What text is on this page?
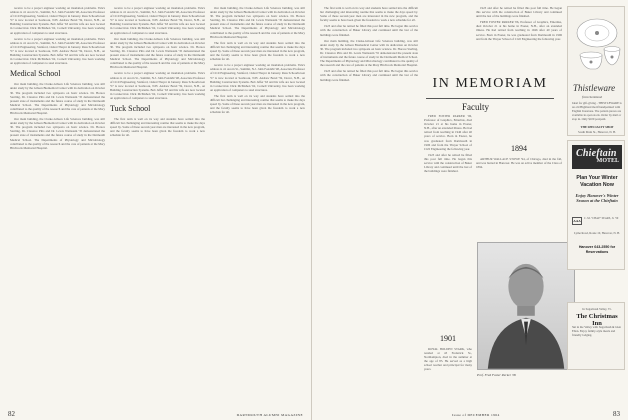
receive to be a project engineer working on insulation problems. Yale's address is 41 Acorn St., Summit, N.J. John Fondahl '48, Associate Professor of Civil Engineering, Stanford, visited Thayer in January. Russ Schoorhoven '57 is now located at Seabrook, N.H. Andrew Bond '59, Dover, N.H., on Building Construction Systems. Bob Jeffer '63 and his wife are now located in Connecticut. Dick McMahon '62, Cornell University, has been working on application of computers to steel structures.

receive to be a project engineer working on insulation problems. Yale's address is 41 Acorn St., Summit, N.J. John Fondahl '48, Associate Professor of Civil Engineering, Stanford, visited Thayer in January. Russ Schoorhoven '57 is now located at Seabrook, N.H. Andrew Bond '59, Dover, N.H., on Building Construction Systems. Bob Jeffer '63 and his wife are now located in Connecticut. Dick McMahon '62, Cornell University, has been working on application of computers to steel structures.

Medical School

Our main building, the Clarke-Gibson Life Sciences building, was still under study by the Gibson Biomedical Center with its dedication on October 30. The program included two symposia on basic science. Dr. Horace Sterling, Dr. Clarence Pitts and Dr. Lewis Weinstein '35 demonstrated the present state of instruments and the future course of study in the Darmouth Medical School. The Departments of Physiology and Microbiology contributed to the quality of the research and the care of patients at the Mary Hitchcock Memorial Hospital.

Our main building, the Clarke-Gibson Life Sciences building, was still under study by the Gibson Biomedical Center with its dedication on October 30. The program included two symposia on basic science. Dr. Horace Sterling, Dr. Clarence Pitts and Dr. Lewis Weinstein '35 demonstrated the present state of instruments and the future course of study in the Darmouth Medical School. The Departments of Physiology and Microbiology contributed to the quality of the research and the care of patients at the Mary Hitchcock Memorial Hospital.

receive to be a project engineer working on insulation problems. Yale's address is 41 Acorn St., Summit, N.J. John Fondahl '48, Associate Professor of Civil Engineering, Stanford, visited Thayer in January. Russ Schoorhoven '57 is now located at Seabrook, N.H. Andrew Bond '59, Dover, N.H., on Building Construction Systems. Bob Jeffer '63 and his wife are now located in Connecticut. Dick McMahon '62, Cornell University, has been working on application of computers to steel structures.

Our main building, the Clarke-Gibson Life Sciences building, was still under study by the Gibson Biomedical Center with its dedication on October 30. The program included two symposia on basic science. Dr. Horace Sterling, Dr. Clarence Pitts and Dr. Lewis Weinstein '35 demonstrated the present state of instruments and the future course of study in the Darmouth Medical School. The Departments of Physiology and Microbiology contributed to the quality of the research and the care of patients at the Mary Hitchcock Memorial Hospital.

receive to be a project engineer working on insulation problems. Yale's address is 41 Acorn St., Summit, N.J. John Fondahl '48, Associate Professor of Civil Engineering, Stanford, visited Thayer in January. Russ Schoorhoven '57 is now located at Seabrook, N.H. Andrew Bond '59, Dover, N.H., on Building Construction Systems. Bob Jeffer '63 and his wife are now located in Connecticut. Dick McMahon '62, Cornell University, has been working on application of computers to steel structures.

Tuck School

The first term is well on its way and students have settled into the difficult but challenging and interesting routine that seems to make the days speed by. Some of these second-year men are interested in the new program, and the faculty seems to have been given the freedom to work a new schedule for all.

Our main building, the Clarke-Gibson Life Sciences building, was still under study by the Gibson Biomedical Center with its dedication on October 30. The program included two symposia on basic science. Dr. Horace Sterling, Dr. Clarence Pitts and Dr. Lewis Weinstein '35 demonstrated the present state of instruments and the future course of study in the Darmouth Medical School. The Departments of Physiology and Microbiology contributed to the quality of the research and the care of patients at the Mary Hitchcock Memorial Hospital.

The first term is well on its way and students have settled into the difficult but challenging and interesting routine that seems to make the days speed by. Some of these second-year men are interested in the new program, and the faculty seems to have been given the freedom to work a new schedule for all.

receive to be a project engineer working on insulation problems. Yale's address is 41 Acorn St., Summit, N.J. John Fondahl '48, Associate Professor of Civil Engineering, Stanford, visited Thayer in January. Russ Schoorhoven '57 is now located at Seabrook, N.H. Andrew Bond '59, Dover, N.H., on Building Construction Systems. Bob Jeffer '63 and his wife are now located in Connecticut. Dick McMahon '62, Cornell University, has been working on application of computers to steel structures.

The first term is well on its way and students have settled into the difficult but challenging and interesting routine that seems to make the days speed by. Some of these second-year men are interested in the new program, and the faculty seems to have been given the freedom to work a new schedule for all.

82	DARTMOUTH ALUMNI MAGAZINE

The first term is well on its way and students have settled into the difficult but challenging and interesting routine that seems to make the days speed by. Some of these second-year men are interested in the new program, and the faculty seems to have been given the freedom to work a new schedule for all.

1923 and after he retired he filled this post full time. He began this service with the construction of Baker Library and continued until the last of the buildings were finished.

Our main building, the Clarke-Gibson Life Sciences building, was still under study by the Gibson Biomedical Center with its dedication on October 30. The program included two symposia on basic science. Dr. Horace Sterling, Dr. Clarence Pitts and Dr. Lewis Weinstein '35 demonstrated the present state of instruments and the future course of study in the Darmouth Medical School. The Departments of Physiology and Microbiology contributed to the quality of the research and the care of patients at the Mary Hitchcock Memorial Hospital.

1923 and after he retired he filled this post full time. He began this service with the construction of Baker Library and continued until the last of the buildings were finished.	IN MEMORIAM
Faculty

FRED FOSTER PARKER '06, Professor of Graphics, Emeritus, died October 21 at his home in Exeter, N.H., after an extended illness. He had retired from teaching in 1946 after 40 years of service. Born in Exeter, he was graduated from Dartmouth in 1906 and from the Thayer School of Civil Engineering the following year.

1923 and after he retired he filled this post full time. He began this service with the construction of Baker Library and continued until the last of the buildings were finished.

1923 and after he retired he filled this post full time. He began this service with the construction of Baker Library and continued until the last of the buildings were finished.

FRED FOSTER PARKER '06, Professor of Graphics, Emeritus, died October 21 at his home in Exeter, N.H., after an extended illness. He had retired from teaching in 1946 after 40 years of service. Born in Exeter, he was graduated from Dartmouth in 1906 and from the Thayer School of Civil Engineering the following year.

1894

ARTHUR WALLACE STOWE '94, of Chicago, died in the fall, and was buried in Hanover. He was an active member of the Class of 1894.

Prof. Fred Foster Parker '06
1901

ROYAL BOLDEN STARK, who resided at 43 Frederick St., Northampton, died in the summer at the age of 85. He served as a high school teacher and principal for many years.

Thistleware
from Scotland
Ideal for gift-giving - THISTLEWARE is an old Highland motif handpainted with English Ironstone. The pattern pieces are available in open stock. Order by mail or stop in. Only $100 postpaid.
THE SPECIALTY SHOP
South Main St., Hanover, N. H.
Chieftain
MOTEL
Plan Your Winter Vacation Now
Enjoy Hanover's Winter Season at the Chieftain
AAA
C. M. "CHAP" SEARS, Jr. '59
Lyme Road, Route 10, Hanover, N. H.
Hanover 643-2550 for Reservations
In Sugarbush Valley, Vt.
The Christmas Inn
Ski in the Valley with Sugarbush & Glen Ellen. Enjoy family-style meals and friendly lodging.
Issue of DECEMBER 1964	83
